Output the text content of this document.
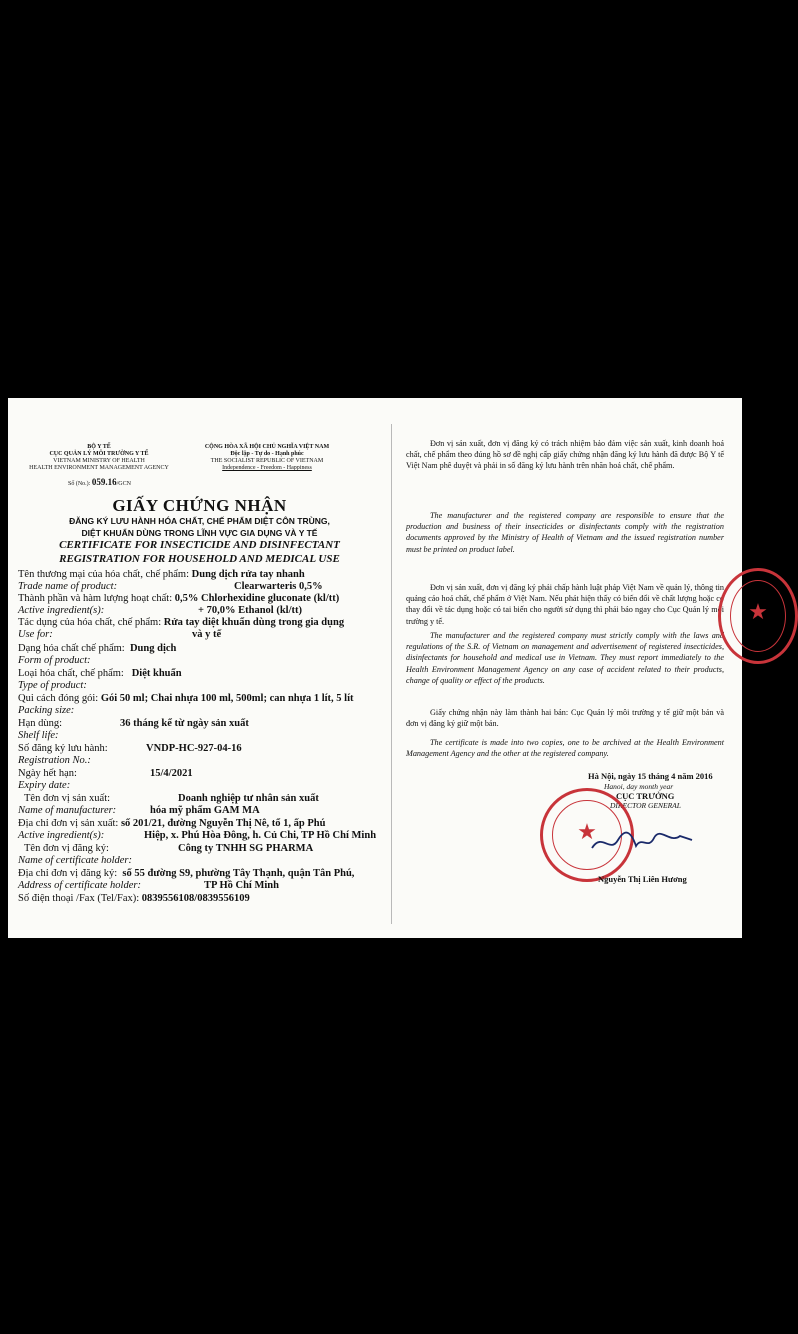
BỘ Y TẾ
CỤC QUẢN LÝ MÔI TRƯỜNG Y TẾ
VIETNAM MINISTRY OF HEALTH
HEALTH ENVIRONMENT MANAGEMENT AGENCY
CỘNG HÒA XÃ HỘI CHỦ NGHĨA VIỆT NAM
Độc lập - Tự do - Hạnh phúc
THE SOCIALIST REPUBLIC OF VIETNAM
Independence - Freedom - Happiness
Số (No.): 059.16/GCN
GIẤY CHỨNG NHẬN
ĐĂNG KÝ LƯU HÀNH HÓA CHẤT, CHẾ PHẨM DIỆT CÔN TRÙNG,
DIỆT KHUẨN DÙNG TRONG LĨNH VỰC GIA DỤNG VÀ Y TẾ
CERTIFICATE FOR INSECTICIDE AND DISINFECTANT
REGISTRATION FOR HOUSEHOLD AND MEDICAL USE
Tên thương mại của hóa chất, chế phẩm: Dung dịch rửa tay nhanh
Trade name of product:	Clearwarteris 0,5%
Thành phần và hàm lượng hoạt chất: 0,5% Chlorhexidine gluconate (kl/tt)
Active ingredient(s):	+ 70,0% Ethanol (kl/tt)
Tác dụng của hóa chất, chế phẩm: Rửa tay diệt khuẩn dùng trong gia dụng
Use for:	và y tế
Dạng hóa chất chế phẩm: Dung dịch
Form of product:
Loại hóa chất, chế phẩm: Diệt khuẩn
Type of product:
Qui cách đóng gói: Gói 50 ml; Chai nhựa 100 ml, 500ml; can nhựa 1 lít, 5 lít
Packing size:
Hạn dùng:	36 tháng kể từ ngày sản xuất
Shelf life:
Số đăng ký lưu hành:	VNDP-HC-927-04-16
Registration No.:
Ngày hết hạn:	15/4/2021
Expiry date:
Tên đơn vị sản xuất:	Doanh nghiệp tư nhân sản xuất
Name of manufacturer:	hóa mỹ phẩm GAM MA
Địa chỉ đơn vị sản xuất: số 201/21, đường Nguyễn Thị Nê, tổ 1, ấp Phú
Active ingredient(s):	Hiệp, x. Phú Hòa Đông, h. Củ Chi, TP Hồ Chí Minh
Tên đơn vị đăng ký:	Công ty TNHH SG PHARMA
Name of certificate holder:
Địa chỉ đơn vị đăng ký: số 55 đường S9, phường Tây Thạnh, quận Tân Phú,
Address of certificate holder:	TP Hồ Chí Minh
Số điện thoại /Fax (Tel/Fax): 0839556108/0839556109
Đơn vị sản xuất, đơn vị đăng ký có trách nhiệm bảo đảm việc sản xuất, kinh doanh hoá chất, chế phẩm theo đúng hồ sơ đề nghị cấp giấy chứng nhận đăng ký lưu hành đã được Bộ Y tế Việt Nam phê duyệt và phải in số đăng ký lưu hành trên nhãn hoá chất, chế phẩm.
The manufacturer and the registered company are responsible to ensure that the production and business of their insecticides or disinfectants comply with the registration documents approved by the Ministry of Health of Vietnam and the issued registration number must be printed on product label.
Đơn vị sản xuất, đơn vị đăng ký phải chấp hành luật pháp Việt Nam về quản lý, thông tin quảng cáo hoá chất, chế phẩm ở Việt Nam. Nếu phát hiện thấy có biến đổi về chất lượng hoặc có thay đổi về tác dụng hoặc có tai biến cho người sử dụng thì phải báo ngay cho Cục Quản lý môi trường y tế.
The manufacturer and the registered company must strictly comply with the laws and regulations of the S.R. of Vietnam on management and advertisement of registered insecticides, disinfectants for household and medical use in Vietnam. They must report immediately to the Health Environment Management Agency on any case of accident related to their products, change of quality or effect of the products.
Giấy chứng nhận này làm thành hai bản: Cục Quản lý môi trường y tế giữ một bản và đơn vị đăng ký giữ một bản.
The certificate is made into two copies, one to be archived at the Health Environment Management Agency and the other at the registered company.
Hà Nội, ngày 15 tháng 4 năm 2016
Hanoi, day month year
CỤC TRƯỞNG
DIRECTOR GENERAL
★
Nguyễn Thị Liên Hương
★
